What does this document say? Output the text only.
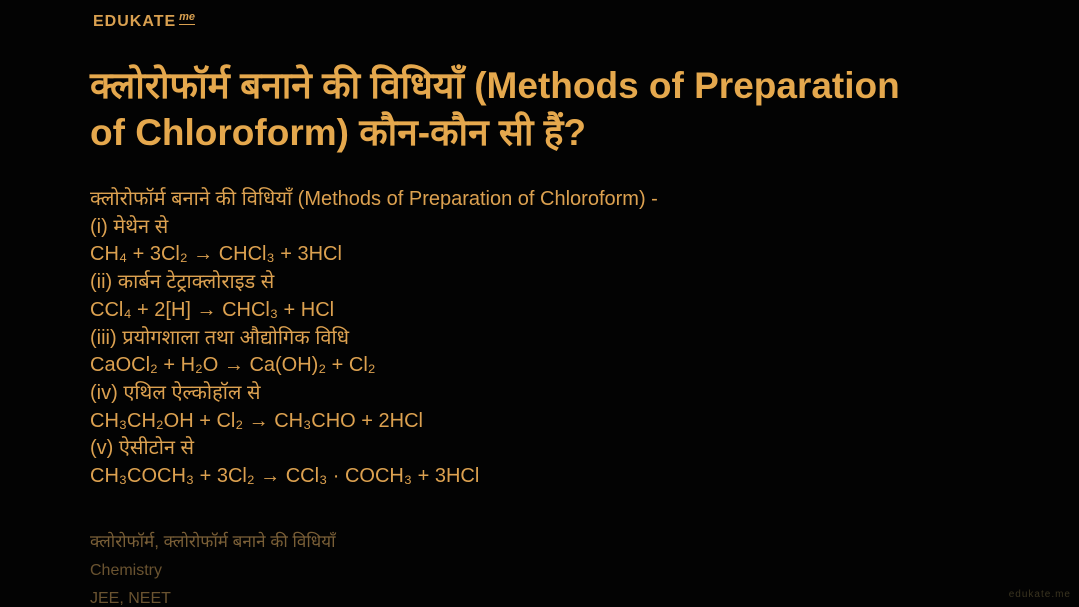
EDUKATE me
क्लोरोफॉर्म बनाने की विधियाँ (Methods of Preparation
of Chloroform) कौन-कौन सी हैं?
क्लोरोफॉर्म बनाने की विधियाँ (Methods of Preparation of Chloroform) -
(i) मेथेन से
CH₄ + 3Cl₂ → CHCl₃ + 3HCl
(ii) कार्बन टेट्राक्लोराइड से
CCl₄ + 2[H] → CHCl₃ + HCl
(iii) प्रयोगशाला तथा औद्योगिक विधि
CaOCl₂ + H₂O → Ca(OH)₂ + Cl₂
(iv) एथिल ऐल्कोहॉल से
CH₃CH₂OH + Cl₂ → CH₃CHO + 2HCl
(v) ऐसीटोन से
CH₃COCH₃ + 3Cl₂ → CCl₃ · COCH₃ + 3HCl
क्लोरोफॉर्म, क्लोरोफॉर्म बनाने की विधियाँ
Chemistry
JEE, NEET	edukate.me
